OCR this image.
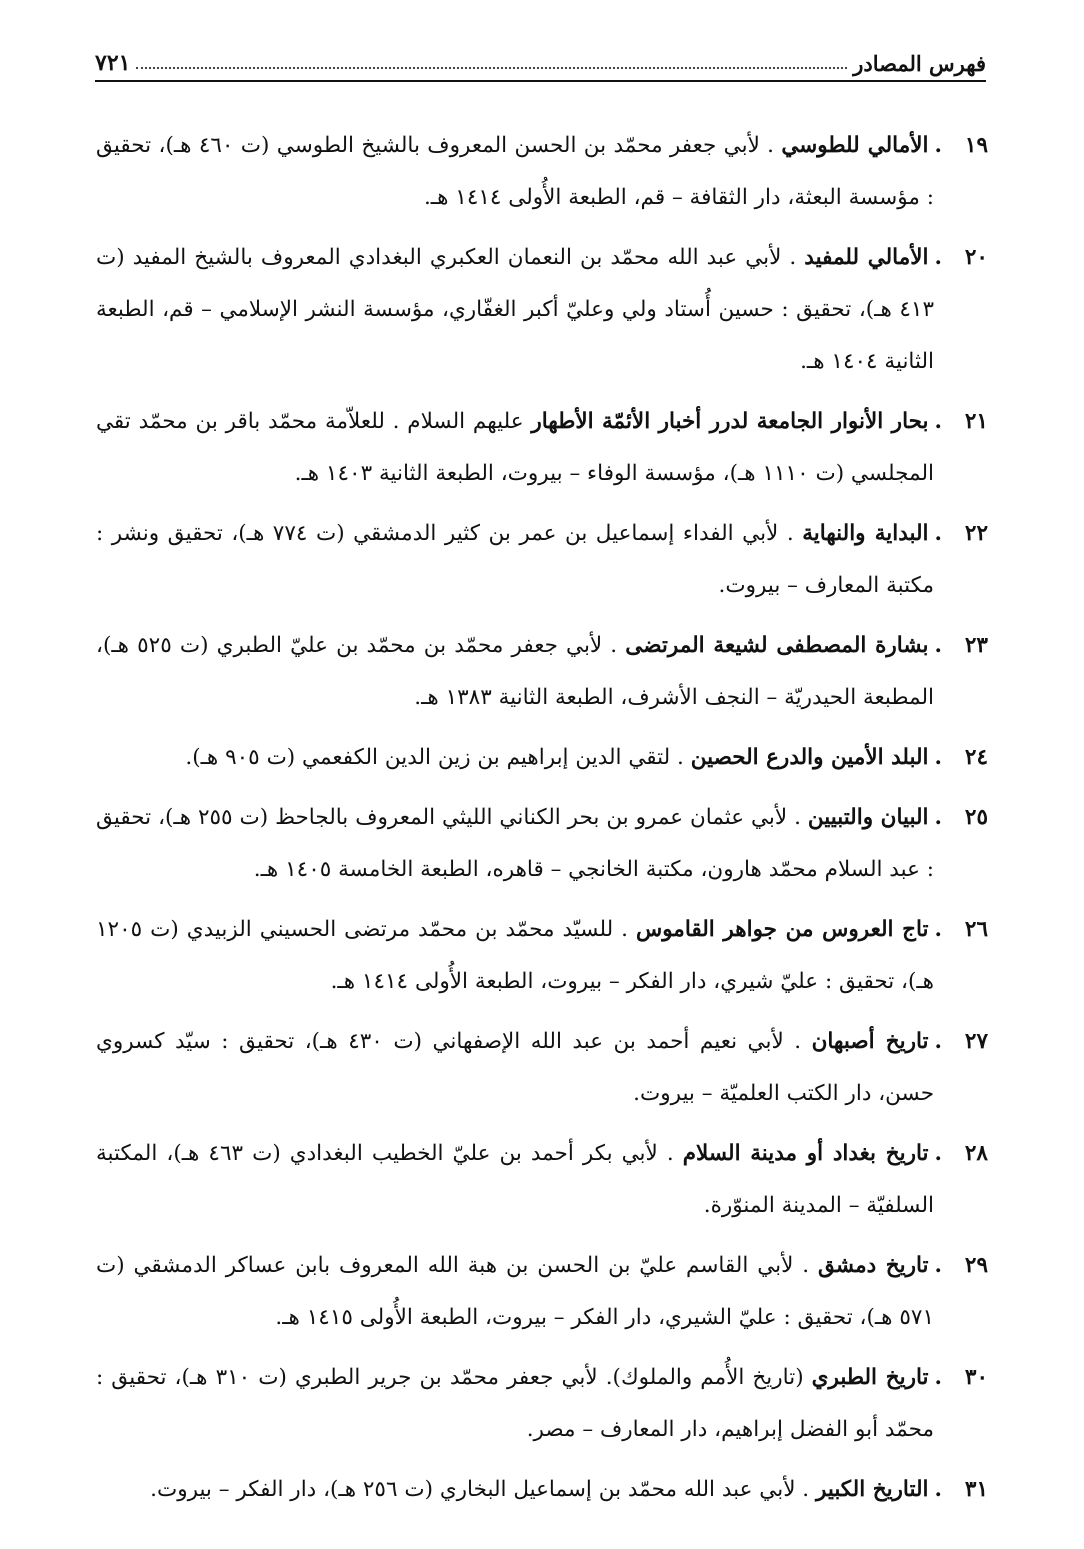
فهرس المصادر
٧٢١

١٩.الأمالي للطوسي . لأبي جعفر محمّد بن الحسن المعروف بالشيخ الطوسي (ت ٤٦٠ هـ)، تحقيق : مؤسسة البعثة، دار الثقافة – قم، الطبعة الأُولى ١٤١٤ هـ.

٢٠.الأمالي للمفيد . لأبي عبد الله محمّد بن النعمان العكبري البغدادي المعروف بالشيخ المفيد (ت ٤١٣ هـ)، تحقيق : حسين أُستاد ولي وعليّ أكبر الغفّاري، مؤسسة النشر الإسلامي – قم، الطبعة الثانية ١٤٠٤ هـ.

٢١.بحار الأنوار الجامعة لدرر أخبار الأئمّة الأطهار عليهم السلام . للعلاّمة محمّد باقر بن محمّد تقي المجلسي (ت ١١١٠ هـ)، مؤسسة الوفاء – بيروت، الطبعة الثانية ١٤٠٣ هـ.

٢٢.البداية والنهاية . لأبي الفداء إسماعيل بن عمر بن كثير الدمشقي (ت ٧٧٤ هـ)، تحقيق ونشر : مكتبة المعارف – بيروت.

٢٣.بشارة المصطفى لشيعة المرتضى . لأبي جعفر محمّد بن محمّد بن عليّ الطبري (ت ٥٢٥ هـ)، المطبعة الحيدريّة – النجف الأشرف، الطبعة الثانية ١٣٨٣ هـ.

٢٤.البلد الأمين والدرع الحصين . لتقي الدين إبراهيم بن زين الدين الكفعمي (ت ٩٠٥ هـ).

٢٥.البيان والتبيين . لأبي عثمان عمرو بن بحر الكناني الليثي المعروف بالجاحظ (ت ٢٥٥ هـ)، تحقيق : عبد السلام محمّد هارون، مكتبة الخانجي – قاهره، الطبعة الخامسة ١٤٠٥ هـ.

٢٦.تاج العروس من جواهر القاموس . للسيّد محمّد بن محمّد مرتضى الحسيني الزبيدي (ت ١٢٠٥ هـ)، تحقيق : عليّ شيري، دار الفكر – بيروت، الطبعة الأُولى ١٤١٤ هـ.

٢٧.تاريخ أصبهان . لأبي نعيم أحمد بن عبد الله الإصفهاني (ت ٤٣٠ هـ)، تحقيق : سيّد كسروي حسن، دار الكتب العلميّة – بيروت.

٢٨.تاريخ بغداد أو مدينة السلام . لأبي بكر أحمد بن عليّ الخطيب البغدادي (ت ٤٦٣ هـ)، المكتبة السلفيّة – المدينة المنوّرة.

٢٩.تاريخ دمشق . لأبي القاسم عليّ بن الحسن بن هبة الله المعروف بابن عساكر الدمشقي (ت ٥٧١ هـ)، تحقيق : عليّ الشيري، دار الفكر – بيروت، الطبعة الأُولى ١٤١٥ هـ.

٣٠.تاريخ الطبري (تاريخ الأُمم والملوك). لأبي جعفر محمّد بن جرير الطبري (ت ٣١٠ هـ)، تحقيق : محمّد أبو الفضل إبراهيم، دار المعارف – مصر.

٣١.التاريخ الكبير . لأبي عبد الله محمّد بن إسماعيل البخاري (ت ٢٥٦ هـ)، دار الفكر – بيروت.
